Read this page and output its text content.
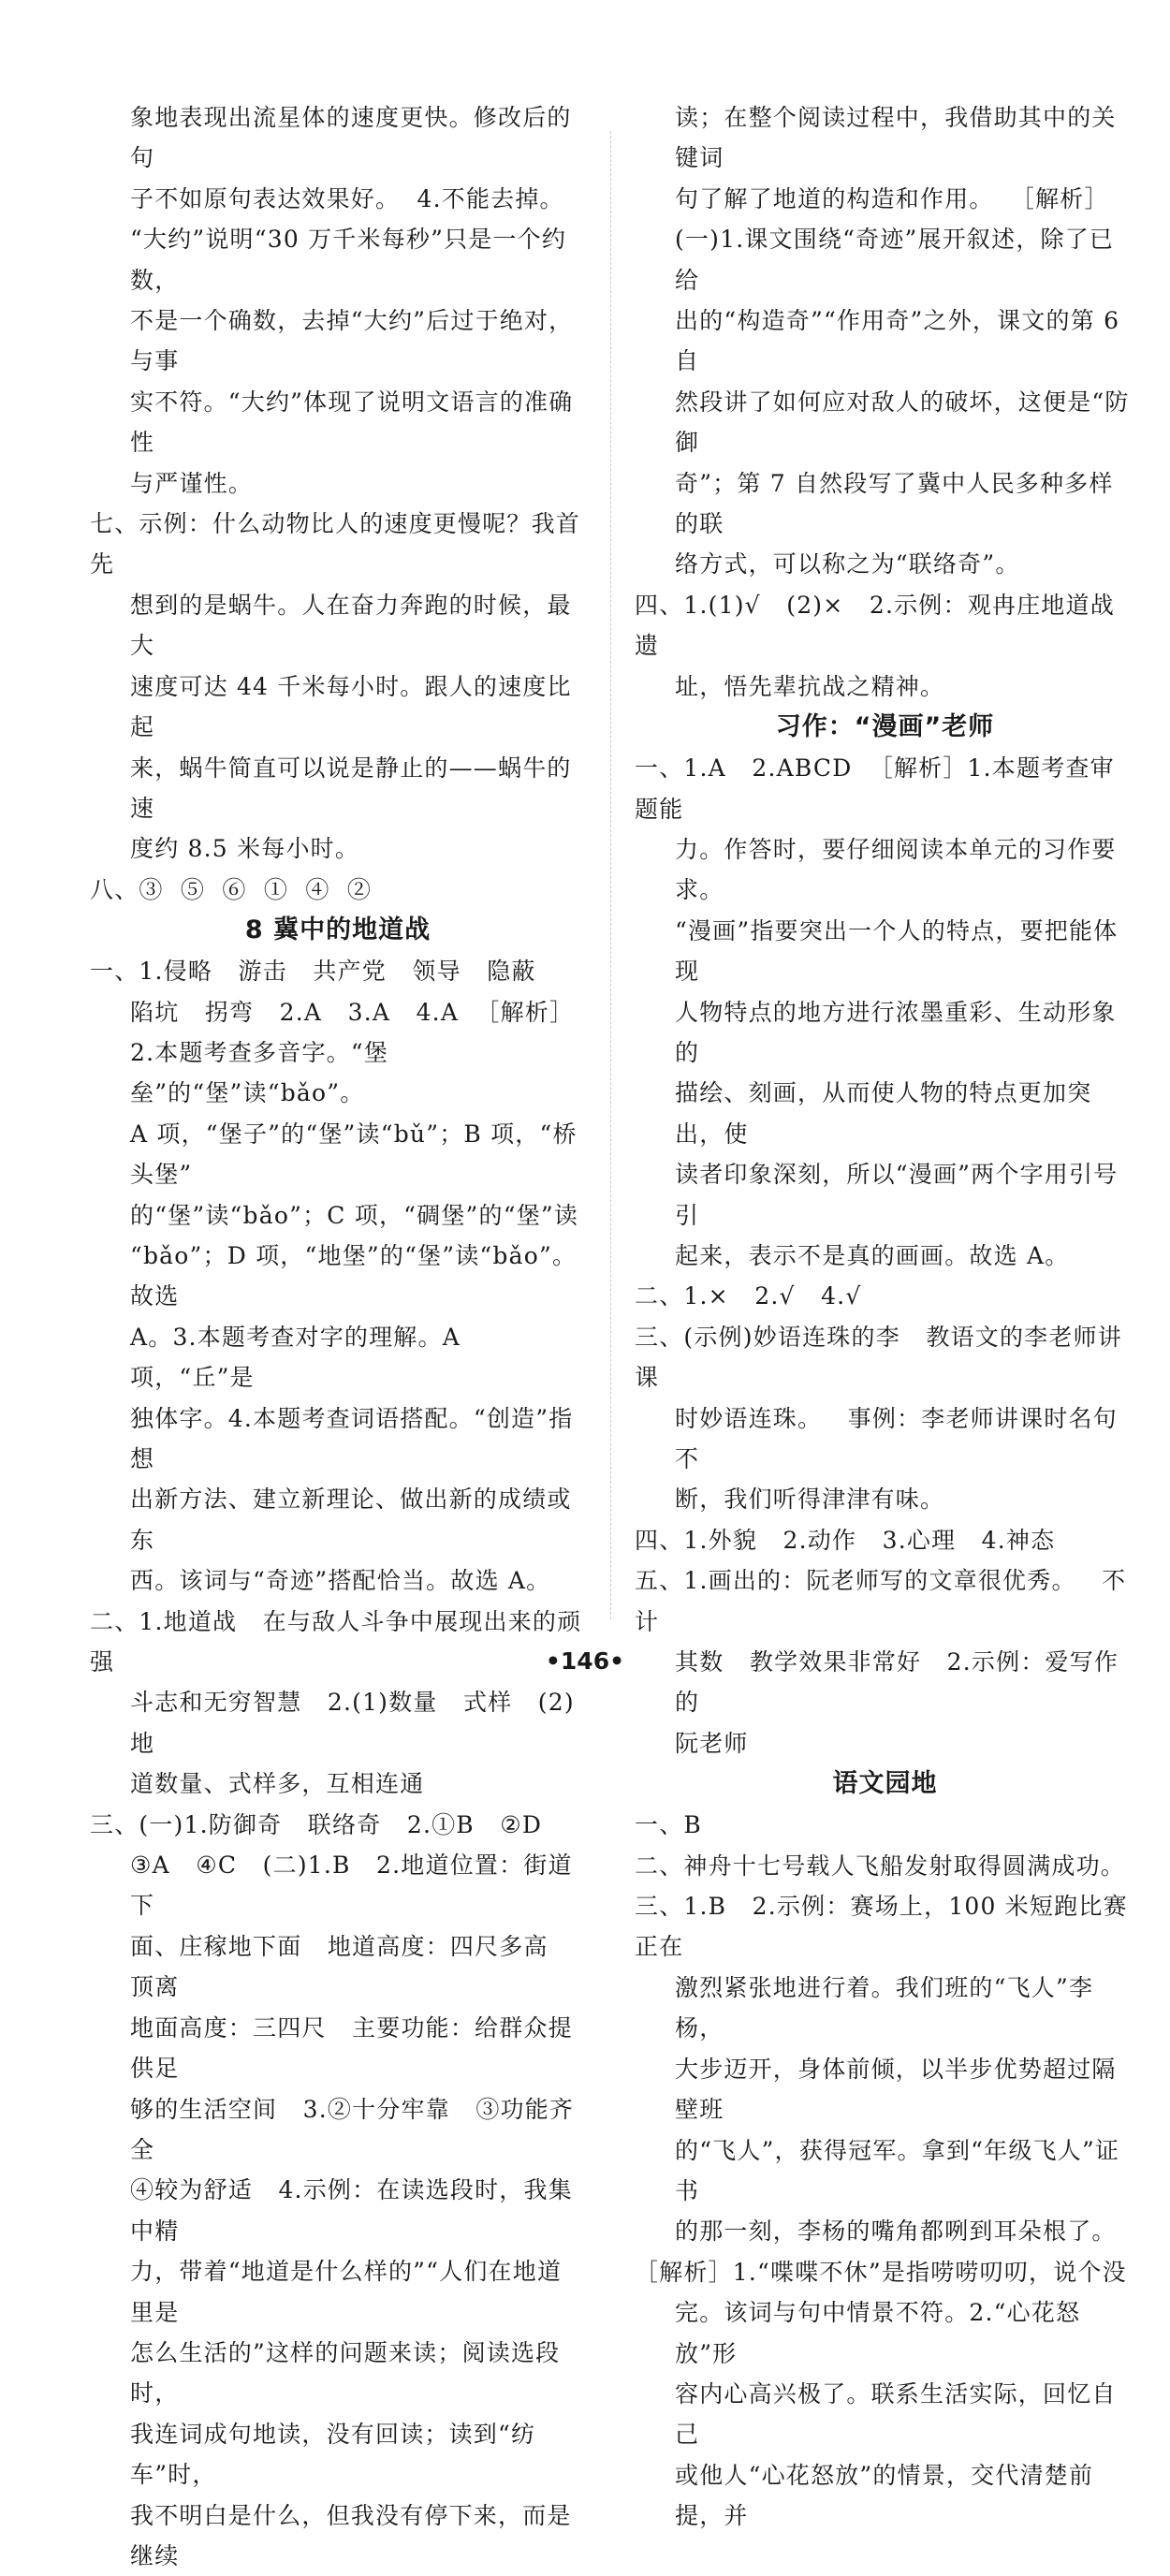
象地表现出流星体的速度更快。修改后的句

子不如原句表达效果好。  4.不能去掉。

“大约”说明“30 万千米每秒”只是一个约数，

不是一个确数，去掉“大约”后过于绝对，与事

实不符。“大约”体现了说明文语言的准确性

与严谨性。

七、示例：什么动物比人的速度更慢呢？我首先

想到的是蜗牛。人在奋力奔跑的时候，最大

速度可达 44 千米每小时。跟人的速度比起

来，蜗牛简直可以说是静止的——蜗牛的速

度约 8.5 米每小时。

八、③  ⑤  ⑥  ①  ④  ②

8 冀中的地道战

一、1.侵略   游击   共产党   领导   隐蔽

陷坑   拐弯   2.A   3.A   4.A  ［解析］

2.本题考查多音字。“堡垒”的“堡”读“bǎo”。

A 项，“堡子”的“堡”读“bǔ”；B 项，“桥头堡”

的“堡”读“bǎo”；C 项，“碉堡”的“堡”读

“bǎo”；D 项，“地堡”的“堡”读“bǎo”。故选

A。3.本题考查对字的理解。A 项，“丘”是

独体字。4.本题考查词语搭配。“创造”指想

出新方法、建立新理论、做出新的成绩或东

西。该词与“奇迹”搭配恰当。故选 A。

二、1.地道战   在与敌人斗争中展现出来的顽强

斗志和无穷智慧   2.(1)数量   式样   (2)地

道数量、式样多，互相连通

三、(一)1.防御奇   联络奇   2.①B   ②D

③A   ④C   (二)1.B   2.地道位置：街道下

面、庄稼地下面   地道高度：四尺多高   顶离

地面高度：三四尺   主要功能：给群众提供足

够的生活空间   3.②十分牢靠   ③功能齐全

④较为舒适   4.示例：在读选段时，我集中精

力，带着“地道是什么样的”“人们在地道里是

怎么生活的”这样的问题来读；阅读选段时，

我连词成句地读，没有回读；读到“纺车”时，

我不明白是什么，但我没有停下来，而是继续

读；在整个阅读过程中，我借助其中的关键词

句了解了地道的构造和作用。  ［解析］

(一)1.课文围绕“奇迹”展开叙述，除了已给

出的“构造奇”“作用奇”之外，课文的第 6 自

然段讲了如何应对敌人的破坏，这便是“防御

奇”；第 7 自然段写了冀中人民多种多样的联

络方式，可以称之为“联络奇”。

四、1.(1)√   (2)×   2.示例：观冉庄地道战遗

址，悟先辈抗战之精神。

习作：“漫画”老师

一、1.A   2.ABCD  ［解析］1.本题考查审题能

力。作答时，要仔细阅读本单元的习作要求。

“漫画”指要突出一个人的特点，要把能体现

人物特点的地方进行浓墨重彩、生动形象的

描绘、刻画，从而使人物的特点更加突出，使

读者印象深刻，所以“漫画”两个字用引号引

起来，表示不是真的画画。故选 A。

二、1.×   2.√   4.√

三、(示例)妙语连珠的李   教语文的李老师讲课

时妙语连珠。   事例：李老师讲课时名句不

断，我们听得津津有味。

四、1.外貌   2.动作   3.心理   4.神态

五、1.画出的：阮老师写的文章很优秀。   不计

其数   教学效果非常好   2.示例：爱写作的

阮老师

语文园地

一、B

二、神舟十七号载人飞船发射取得圆满成功。

三、1.B   2.示例：赛场上，100 米短跑比赛正在

激烈紧张地进行着。我们班的“飞人”李杨，

大步迈开，身体前倾，以半步优势超过隔壁班

的“飞人”，获得冠军。拿到“年级飞人”证书

的那一刻，李杨的嘴角都咧到耳朵根了。

［解析］1.“喋喋不休”是指唠唠叨叨，说个没

完。该词与句中情景不符。2.“心花怒放”形

容内心高兴极了。联系生活实际，回忆自己

或他人“心花怒放”的情景，交代清楚前提，并

•146•
